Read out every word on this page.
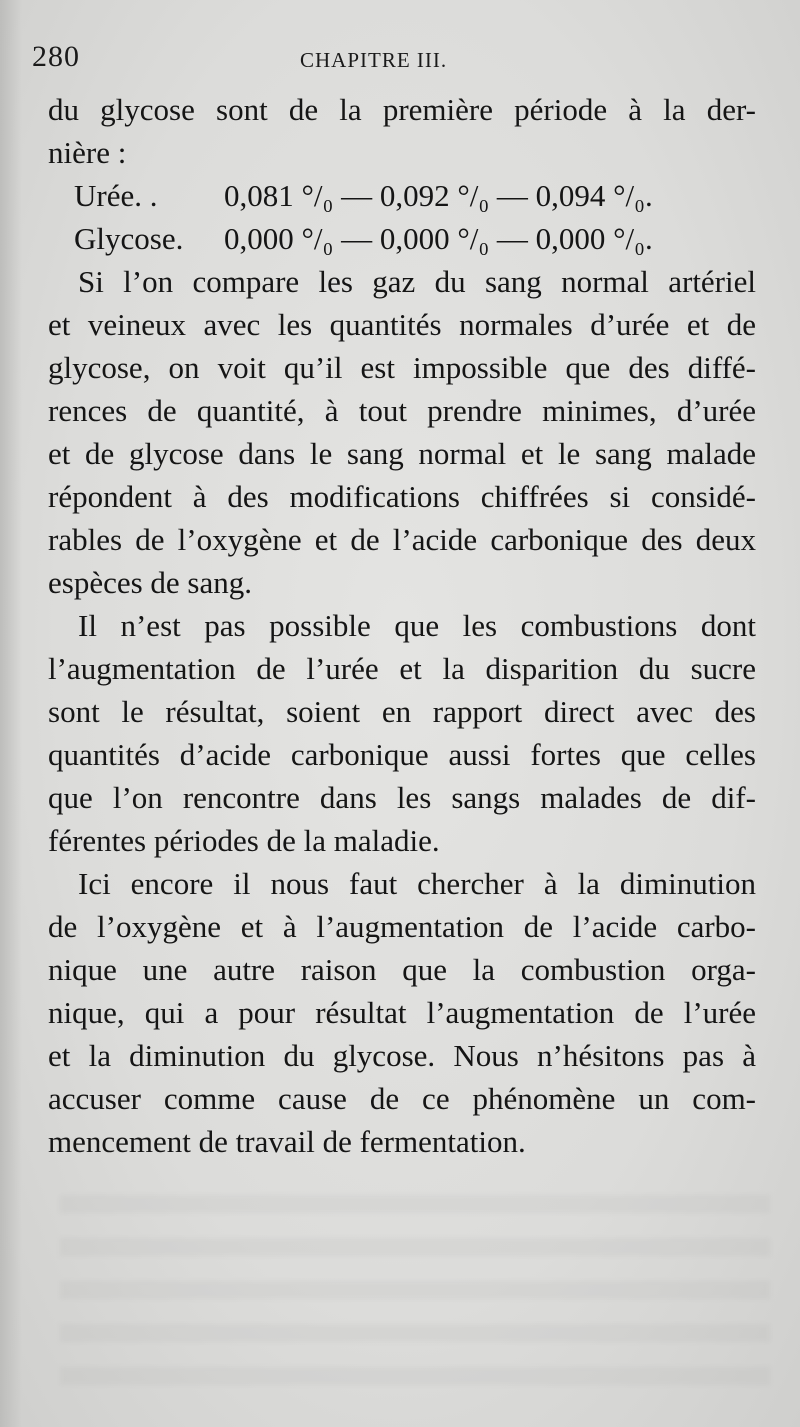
280	CHAPITRE III.
du glycose sont de la première période à la der-
nière :
Urée. .	0,081 °/₀ — 0,092 °/₀ — 0,094 °/₀.
Glycose.	0,000 °/₀ — 0,000 °/₀ — 0,000 °/₀.
Si l’on compare les gaz du sang normal artériel
et veineux avec les quantités normales d’urée et de
glycose, on voit qu’il est impossible que des diffé-
rences de quantité, à tout prendre minimes, d’urée
et de glycose dans le sang normal et le sang malade
répondent à des modifications chiffrées si considé-
rables de l’oxygène et de l’acide carbonique des deux
espèces de sang.
Il n’est pas possible que les combustions dont
l’augmentation de l’urée et la disparition du sucre
sont le résultat, soient en rapport direct avec des
quantités d’acide carbonique aussi fortes que celles
que l’on rencontre dans les sangs malades de dif-
férentes périodes de la maladie.
Ici encore il nous faut chercher à la diminution
de l’oxygène et à l’augmentation de l’acide carbo-
nique une autre raison que la combustion orga-
nique, qui a pour résultat l’augmentation de l’urée
et la diminution du glycose. Nous n’hésitons pas à
accuser comme cause de ce phénomène un com-
mencement de travail de fermentation.
